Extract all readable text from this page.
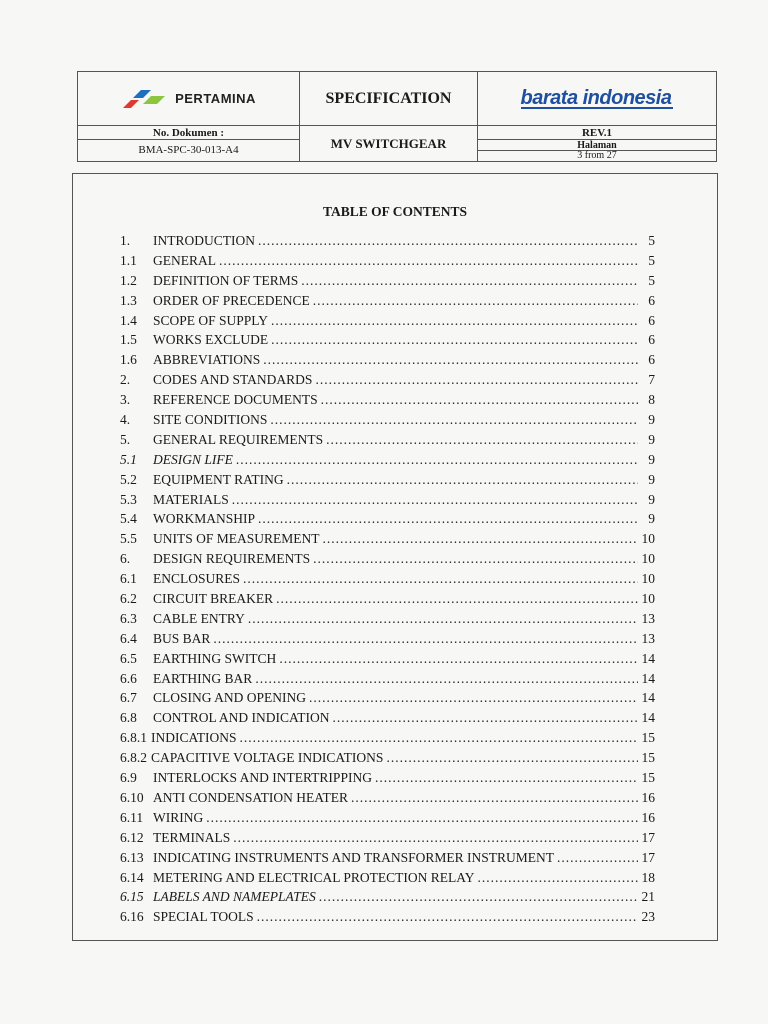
PERTAMINA	SPECIFICATION	barata indonesia
No. Dokumen :
BMA-SPC-30-013-A4	MV SWITCHGEAR
REV.1
Halaman
3 from 27
TABLE OF CONTENTS
1.	INTRODUCTION .....	5
1.1	GENERAL .....	5
1.2	DEFINITION OF TERMS .....	5
1.3	ORDER OF PRECEDENCE .....	6
1.4	SCOPE OF SUPPLY .....	6
1.5	WORKS EXCLUDE .....	6
1.6	ABBREVIATIONS .....	6
2.	CODES AND STANDARDS .....	7
3.	REFERENCE DOCUMENTS .....	8
4.	SITE CONDITIONS .....	9
5.	GENERAL REQUIREMENTS .....	9
5.1	DESIGN LIFE .....	9
5.2	EQUIPMENT RATING .....	9
5.3	MATERIALS .....	9
5.4	WORKMANSHIP .....	9
5.5	UNITS OF MEASUREMENT .....	10
6.	DESIGN REQUIREMENTS .....	10
6.1	ENCLOSURES .....	10
6.2	CIRCUIT BREAKER .....	10
6.3	CABLE ENTRY .....	13
6.4	BUS BAR .....	13
6.5	EARTHING SWITCH .....	14
6.6	EARTHING BAR .....	14
6.7	CLOSING AND OPENING .....	14
6.8	CONTROL AND INDICATION .....	14
6.8.1 INDICATIONS .....	15
6.8.2 CAPACITIVE VOLTAGE INDICATIONS .....	15
6.9	INTERLOCKS AND INTERTRIPPING .....	15
6.10 ANTI CONDENSATION HEATER .....	16
6.11 WIRING .....	16
6.12 TERMINALS .....	17
6.13 INDICATING INSTRUMENTS AND TRANSFORMER INSTRUMENT .....	17
6.14 METERING AND ELECTRICAL PROTECTION RELAY .....	18
6.15 LABELS AND NAMEPLATES .....	21
6.16 SPECIAL TOOLS .....	23
